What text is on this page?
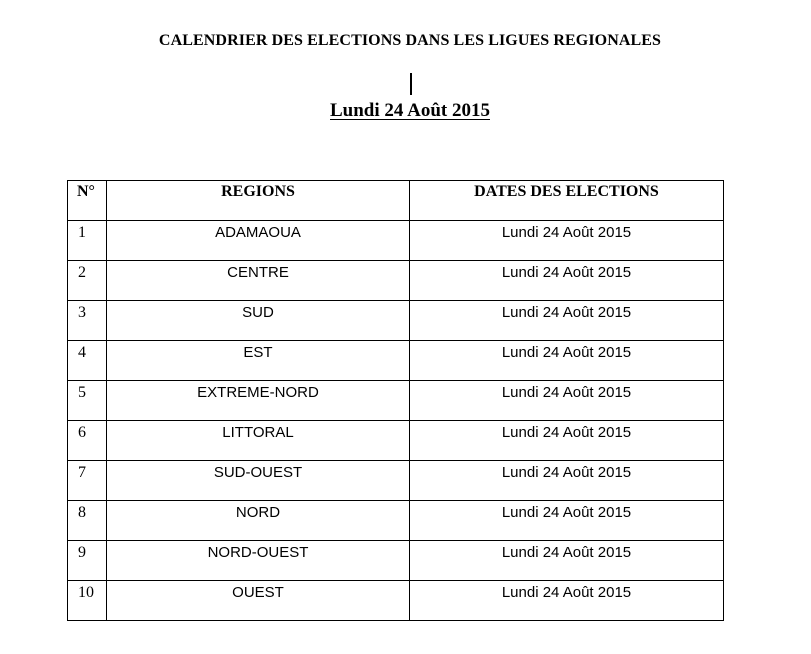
CALENDRIER DES ELECTIONS DANS LES LIGUES REGIONALES
Lundi 24 Août 2015
N°	REGIONS	DATES DES ELECTIONS
1	ADAMAOUA	Lundi 24 Août 2015
2	CENTRE	Lundi 24 Août 2015
3	SUD	Lundi 24 Août 2015
4	EST	Lundi 24 Août 2015
5	EXTREME-NORD	Lundi 24 Août 2015
6	LITTORAL	Lundi 24 Août 2015
7	SUD-OUEST	Lundi 24 Août 2015
8	NORD	Lundi 24 Août 2015
9	NORD-OUEST	Lundi 24 Août 2015
10	OUEST	Lundi 24 Août 2015
